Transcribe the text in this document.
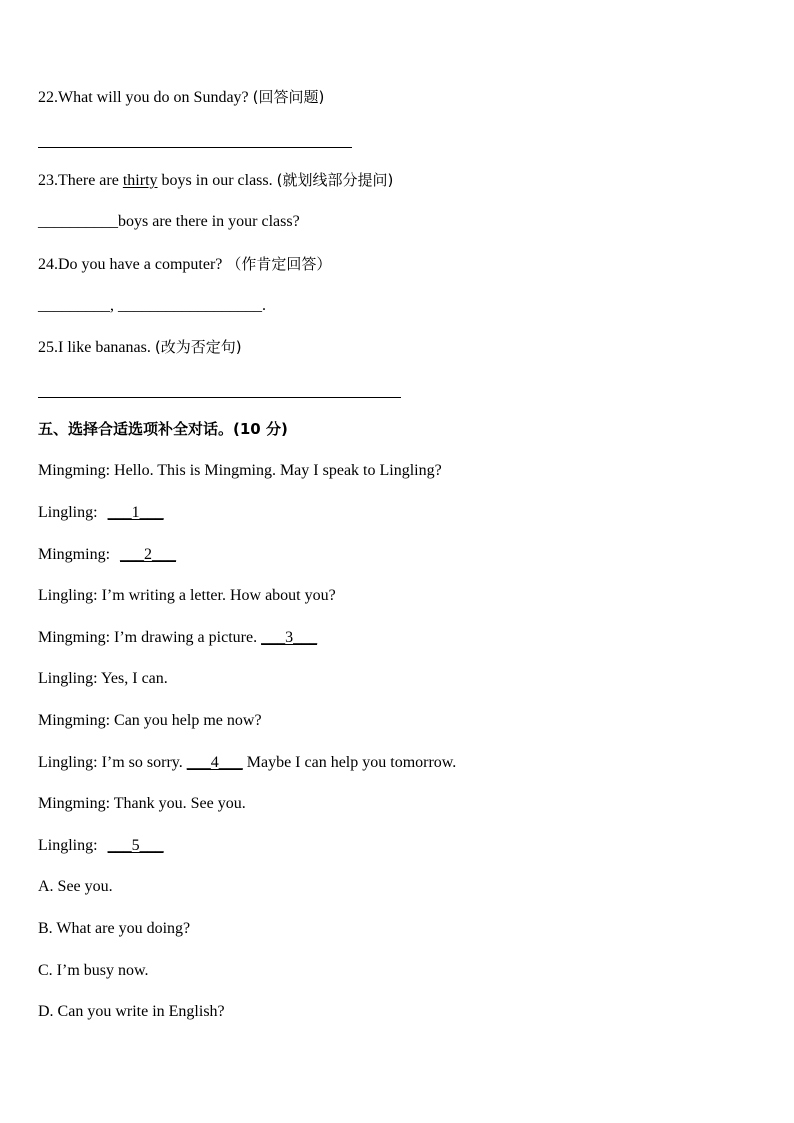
22.What will you do on Sunday? (回答问题)
23.There are thirty boys in our class. (就划线部分提问)
__________boys are there in your class?
24.Do you have a computer? （作肯定回答）
_________, __________________.
25.I like bananas. (改为否定句)
五、选择合适选项补全对话。(10 分)
Mingming: Hello. This is Mingming. May I speak to Lingling?
Lingling: ___1___
Mingming: ___2___
Lingling: I’m writing a letter. How about you?
Mingming: I’m drawing a picture. ___3___
Lingling: Yes, I can.
Mingming: Can you help me now?
Lingling: I’m so sorry. ___4___ Maybe I can help you tomorrow.
Mingming: Thank you. See you.
Lingling: ___5___
A. See you.
B. What are you doing?
C. I’m busy now.
D. Can you write in English?
